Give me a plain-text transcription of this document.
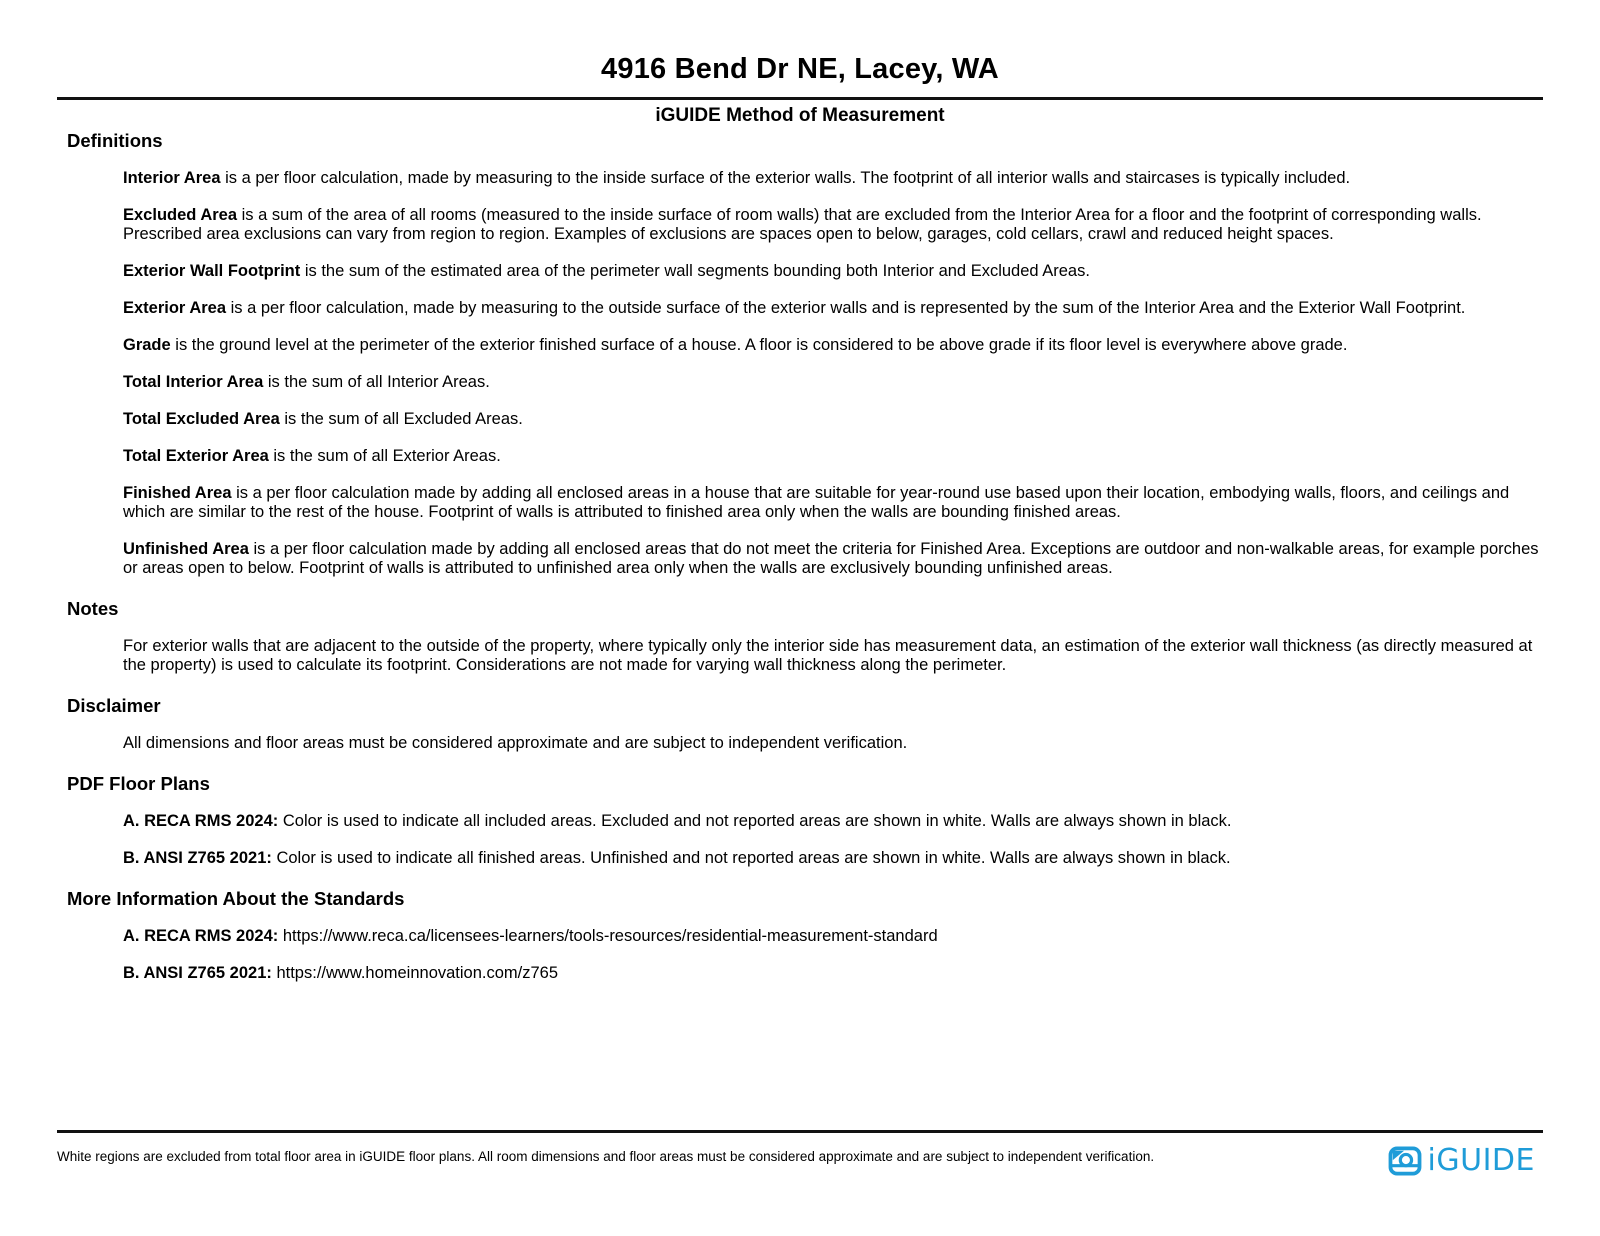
4916 Bend Dr NE, Lacey, WA
iGUIDE Method of Measurement
Definitions

Interior Area is a per floor calculation, made by measuring to the inside surface of the exterior walls. The footprint of all interior walls and staircases is typically included.

Excluded Area is a sum of the area of all rooms (measured to the inside surface of room walls) that are excluded from the Interior Area for a floor and the footprint of corresponding walls. Prescribed area exclusions can vary from region to region. Examples of exclusions are spaces open to below, garages, cold cellars, crawl and reduced height spaces.

Exterior Wall Footprint is the sum of the estimated area of the perimeter wall segments bounding both Interior and Excluded Areas.

Exterior Area is a per floor calculation, made by measuring to the outside surface of the exterior walls and is represented by the sum of the Interior Area and the Exterior Wall Footprint.

Grade is the ground level at the perimeter of the exterior finished surface of a house. A floor is considered to be above grade if its floor level is everywhere above grade.

Total Interior Area is the sum of all Interior Areas.

Total Excluded Area is the sum of all Excluded Areas.

Total Exterior Area is the sum of all Exterior Areas.

Finished Area is a per floor calculation made by adding all enclosed areas in a house that are suitable for year-round use based upon their location, embodying walls, floors, and ceilings and which are similar to the rest of the house. Footprint of walls is attributed to finished area only when the walls are bounding finished areas.

Unfinished Area is a per floor calculation made by adding all enclosed areas that do not meet the criteria for Finished Area. Exceptions are outdoor and non-walkable areas, for example porches or areas open to below. Footprint of walls is attributed to unfinished area only when the walls are exclusively bounding unfinished areas.

Notes

For exterior walls that are adjacent to the outside of the property, where typically only the interior side has measurement data, an estimation of the exterior wall thickness (as directly measured at the property) is used to calculate its footprint. Considerations are not made for varying wall thickness along the perimeter.

Disclaimer

All dimensions and floor areas must be considered approximate and are subject to independent verification.

PDF Floor Plans

A. RECA RMS 2024: Color is used to indicate all included areas. Excluded and not reported areas are shown in white. Walls are always shown in black.

B. ANSI Z765 2021: Color is used to indicate all finished areas. Unfinished and not reported areas are shown in white. Walls are always shown in black.

More Information About the Standards

A. RECA RMS 2024: https://www.reca.ca/licensees-learners/tools-resources/residential-measurement-standard

B. ANSI Z765 2021: https://www.homeinnovation.com/z765

White regions are excluded from total floor area in iGUIDE floor plans. All room dimensions and floor areas must be considered approximate and are subject to independent verification.	iGUIDE
